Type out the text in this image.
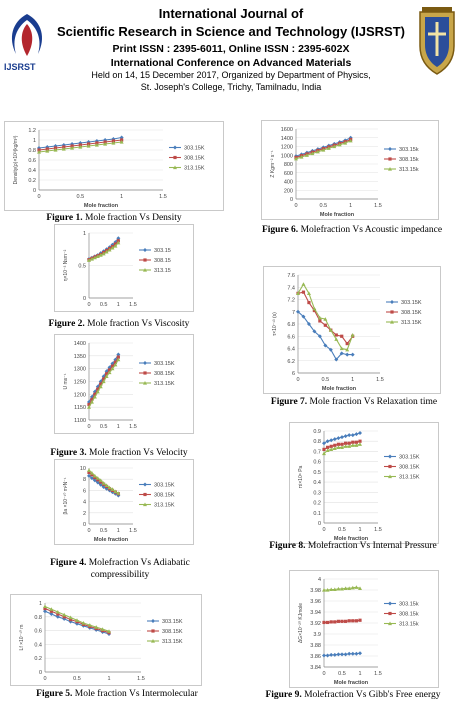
IJSRST
International Journal of
Scientific Research in Science and Technology (IJSRST)
Print ISSN : 2395-6011, Online ISSN : 2395-602X
International Conference on Advanced Materials
Held on 14, 15 December 2017, Organized by Department of Physics,
St. Joseph's College, Trichy, Tamilnadu, India
0
0.2
0.4
0.6
0.8
1
1.2
0	0.5	1	1.5
Mole fraction
Density(ρ)×10³(kg/m³)	303.15K
308.15K
313.15K
Figure 1. Mole fraction Vs Density
0
0.5
1
0 0.5 1 1.5
η×10⁻³ Nsm⁻²	303.15
308.15
313.15
Figure 2. Mole fraction Vs Viscosity
1100
1150
1200
1250
1300
1350
1400
0 0.5 1 1.5
U ms⁻¹
303.15K
308.15K
313.15K
Figure 3. Mole fraction Vs Velocity
0
2
4
6
8
10
0 0.5 1 1.5
Mole fraction
βa ×10⁻¹⁰ m²N⁻¹	303.15K
308.15K
313.15K
Figure 4. Molefraction Vs Adiabatic compressibility
0
0.2
0.4
0.6
0.8
1
0	0.5	1	1.5
Lf ×10⁻¹⁰ m
303.15K
308.15K
313.15K
Figure 5. Mole fraction Vs Intermolecular
0
200
400
600
800
1000
1200
1400
1600
0	0.5	1	1.5
Mole fraction
Z Kgm⁻² s⁻¹
303.15k
308.15k
313.15k
Figure 6. Molefraction Vs Acoustic impedance
6
6.2
6.4
6.6
6.8
7
7.2
7.4
7.6
0	0.5	1	1.5
Mole fraction
τ×10⁻¹³ (s)
303.15K
308.15K
313.15K
Figure 7. Mole fraction Vs Relaxation time
0
0.1
0.2
0.3
0.4
0.5
0.6
0.7
0.8
0.9
0 0.5 1 1.5
Mole fraction
πi×10⁶ Pa
303.15K
308.15K
313.15K
Figure 8. Molefraction Vs Internal Pressure
3.84
3.86
3.88
3.9
3.92
3.94
3.96
3.98
4
0 0.5 1 1.5
Mole fraction
ΔG×10⁻²⁰ KJmole	303.15k
308.15k
313.15k
Figure 9. Molefraction Vs Gibb's Free energy
